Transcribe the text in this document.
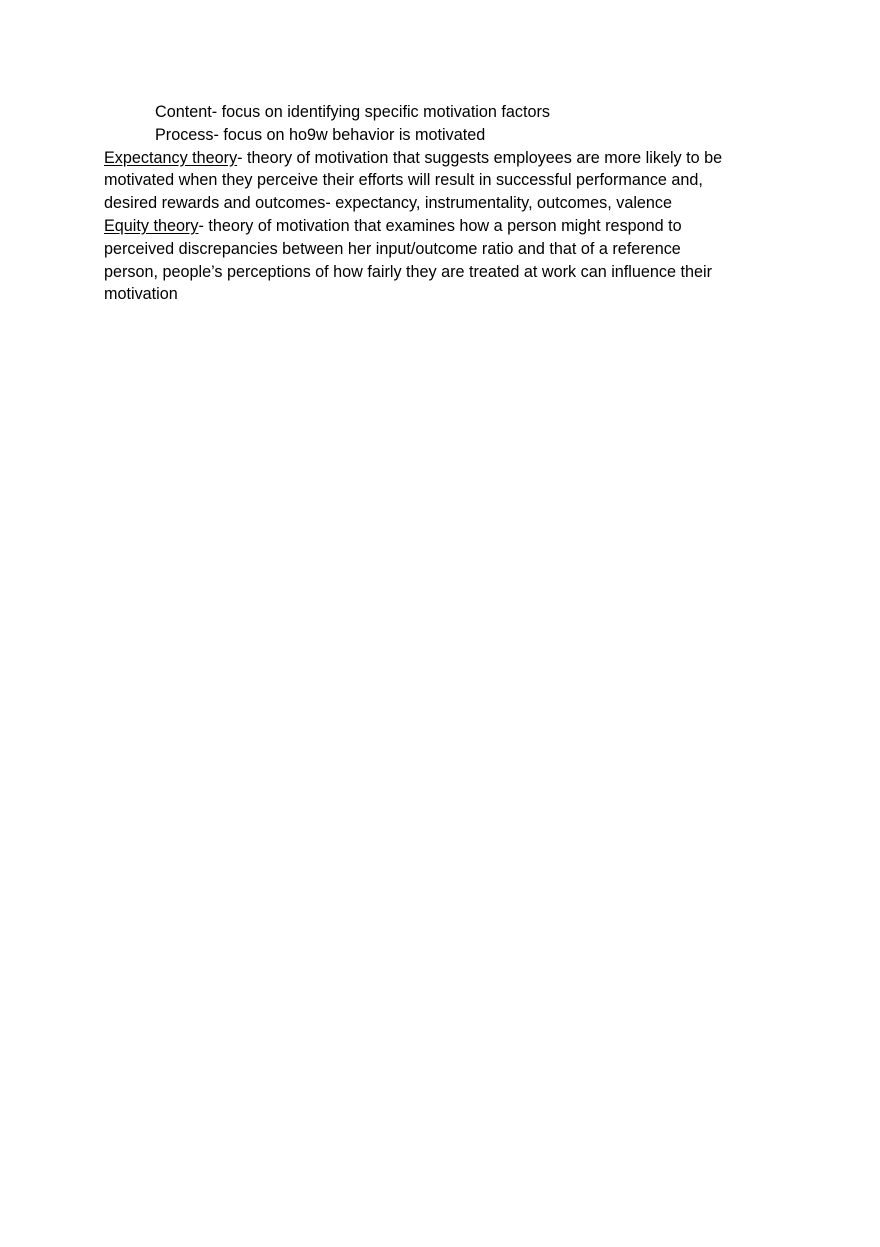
Content- focus on identifying specific motivation factors
Process- focus on ho9w behavior is motivated
Expectancy theory- theory of motivation that suggests employees are more likely to be
motivated when they perceive their efforts will result in successful performance and,
desired rewards and outcomes- expectancy, instrumentality, outcomes, valence
Equity theory- theory of motivation that examines how a person might respond to
perceived discrepancies between her input/outcome ratio and that of a reference
person, people’s perceptions of how fairly they are treated at work can influence their
motivation
